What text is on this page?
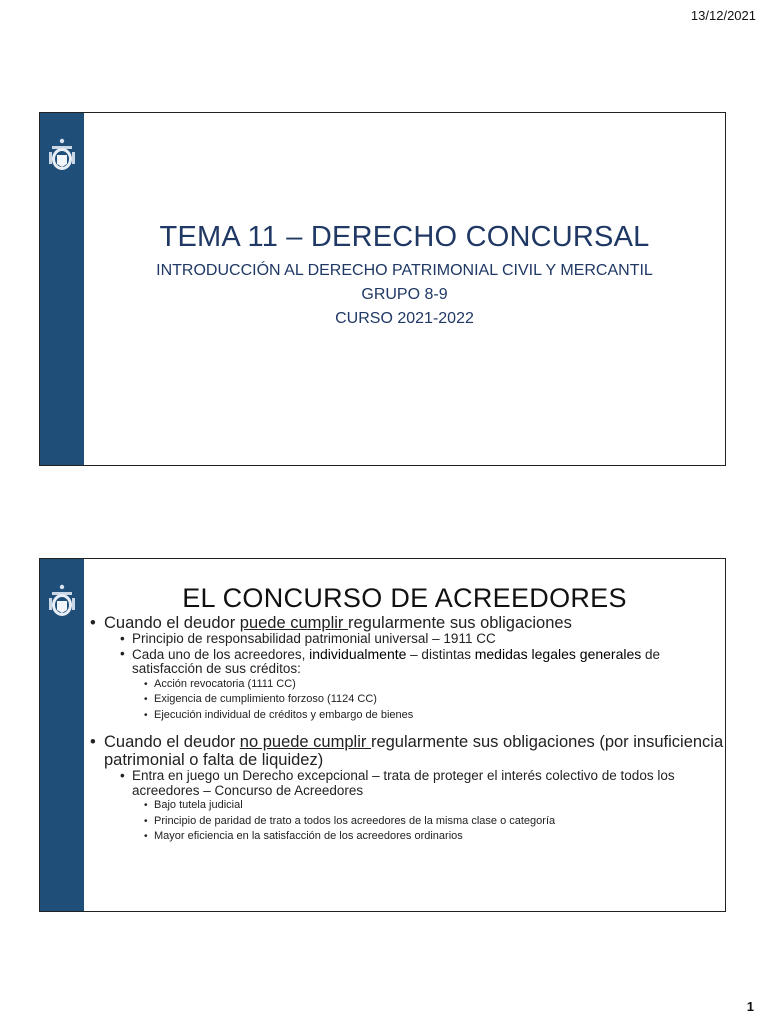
13/12/2021
TEMA 11 – DERECHO CONCURSAL
INTRODUCCIÓN AL DERECHO PATRIMONIAL CIVIL Y MERCANTIL
GRUPO 8-9
CURSO 2021-2022
EL CONCURSO DE ACREEDORES
• Cuando el deudor puede cumplir regularmente sus obligaciones
• Principio de responsabilidad patrimonial universal – 1911 CC
• Cada uno de los acreedores, individualmente – distintas medidas legales generales de satisfacción de sus créditos:
• Acción revocatoria (1111 CC)
• Exigencia de cumplimiento forzoso (1124 CC)
• Ejecución individual de créditos y embargo de bienes
• Cuando el deudor no puede cumplir regularmente sus obligaciones (por insuficiencia patrimonial o falta de liquidez)
• Entra en juego un Derecho excepcional – trata de proteger el interés colectivo de todos los acreedores – Concurso de Acreedores
• Bajo tutela judicial
• Principio de paridad de trato a todos los acreedores de la misma clase o categoría
• Mayor eficiencia en la satisfacción de los acreedores ordinarios
1
